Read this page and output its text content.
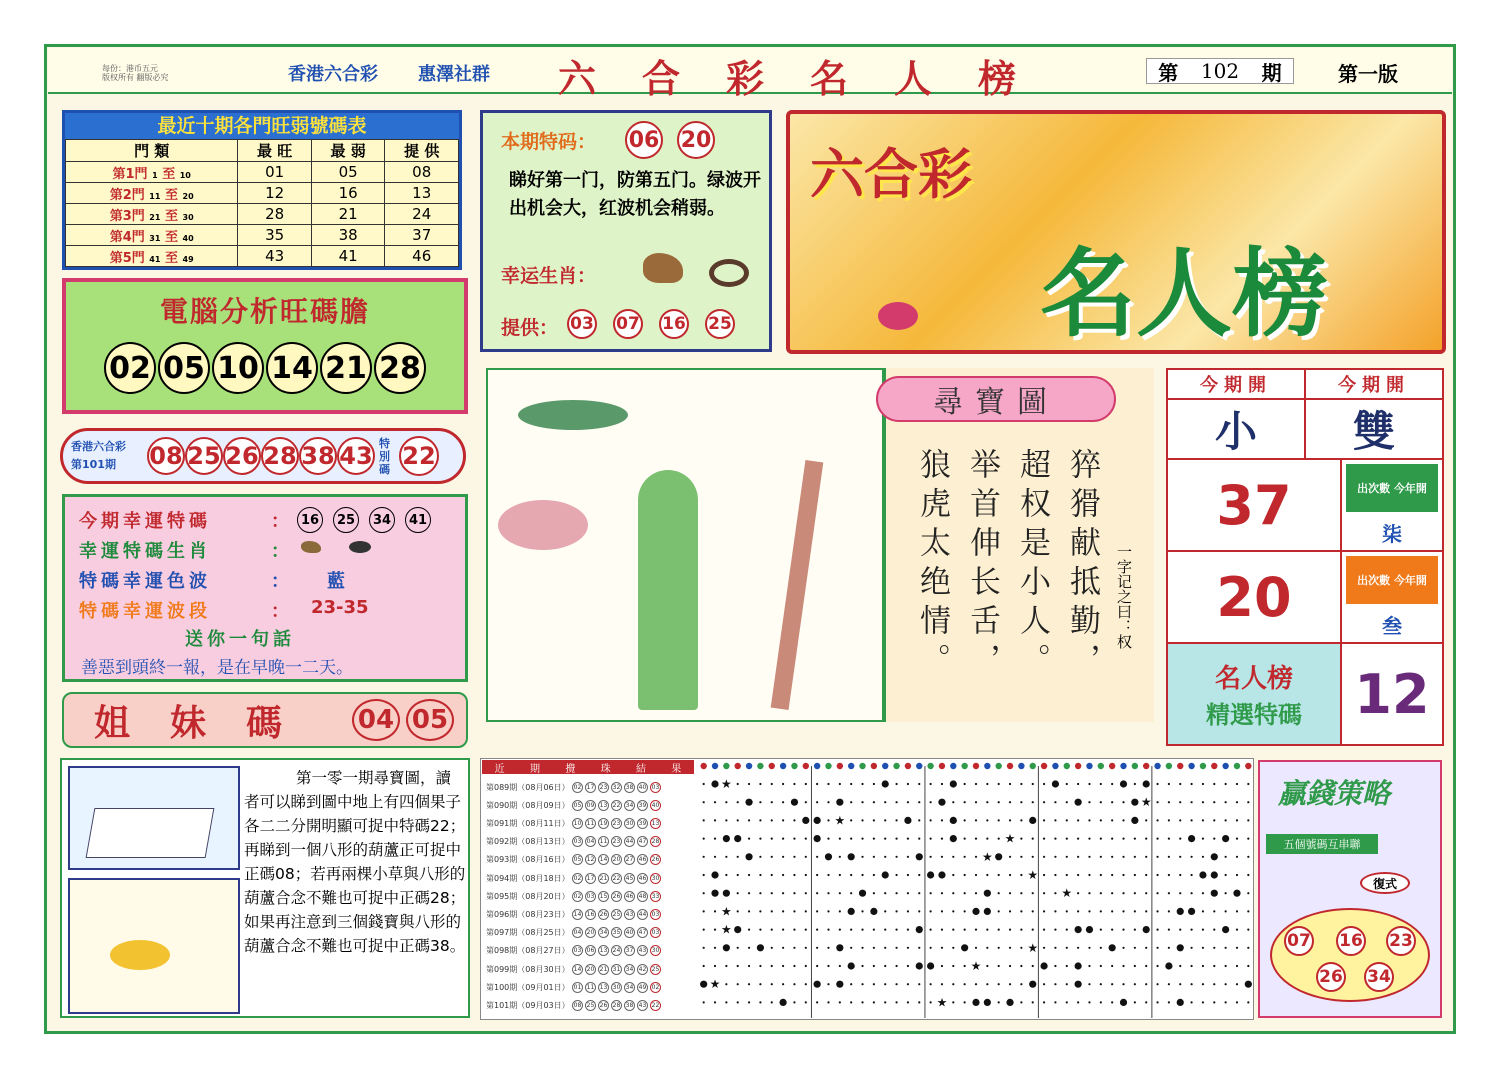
每份：港币五元
版权所有 翻版必究	香港六合彩 惠澤社群 六合彩名人榜	第 102 期	第一版
最近十期各門旺弱號碼表
門 類	最 旺	最 弱	提 供
第1門 1 至 10	01	05	08
第2門 11 至 20	12	16	13
第3門 21 至 30	28	21	24
第4門 31 至 40	35	38	37
第5門 41 至 49	43	41	46
電腦分析旺碼膽
02 05 10 14 21 28
香港六合彩
第101期	08 25 26 28 38 43 特別碼 22
今期幸運特碼	： 16	25	34	41
幸運特碼生肖	：
特碼幸運色波	： 藍
特碼幸運波段	： 23-35
送你一句話
善惡到頭終一報，是在早晚一二天。
姐妹碼	04 05
第一零一期尋寶圖，讀者可以睇到圖中地上有四個果子各二二分開明顯可捉中特碼22；再睇到一個八形的葫蘆正可捉中正碼08；若再兩棵小草與八形的葫蘆合念不難也可捉中正碼28；如果再注意到三個錢寶與八形的葫蘆合念不難也可捉中正碼38。
本期特码： 06 20
睇好第一门，防第五门。绿波开出机会大，红波机会稍弱。
幸运生肖：
提供： 03 07 16 25
六合彩
名人榜
尋寶圖
猝猾献抵勤，
超权是小人。
举首伸长舌，
狼虎太绝情。	一字记之曰：权
今期開	今期開
小	雙
37	出次數 今年開
柒
20	出次數 今年開
叁
名人榜
精選特碼 12
近	期	攪	珠	結	果
第089期（08月06日） 02 17 23 32 38 40 03
第090期（08月09日） 05 09 13 22 34 39 40
第091期（08月11日） 10 11 19 23 30 39 13
第092期（08月13日） 03 04 11 23 44 47 28
第093期（08月16日） 05 12 14 20 27 46 26
第094期（08月18日） 02 17 21 22 45 46 30
第095期（08月20日） 02 03 15 26 46 48 33
第096期（08月23日） 14 16 26 25 43 44 03
第097期（08月25日） 04 20 34 35 40 47 03
第098期（08月27日） 03 06 13 24 37 43 30
第099期（08月30日） 14 20 21 31 34 42 25
第100期（09月01日） 01 11 13 30 34 49 02
第101期（09月03日） 08 25 26 28 38 43 22
★
★
★
★
★
★
★
★
★
★
★
★
★
贏錢策略
五個號碼互串聯
復式
07 16 23
26 34
